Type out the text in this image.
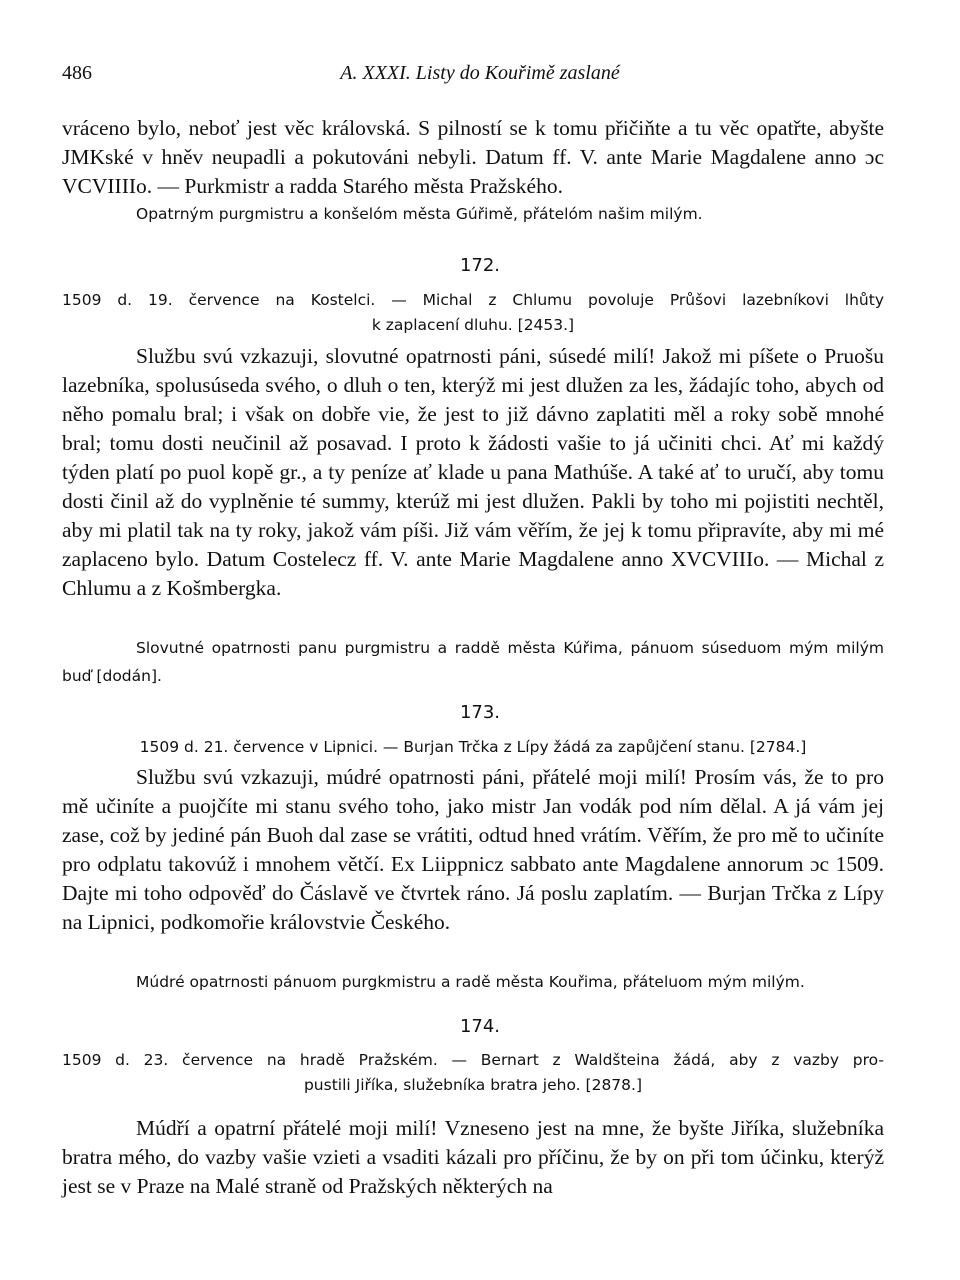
486	A. XXXI. Listy do Kouřimě zaslané
vráceno bylo, neboť jest věc královská. S pilností se k tomu přičiňte a tu věc opatřte, abyšte JMKské v hněv neupadli a pokutováni nebyli. Datum ff. V. ante Marie Magdalene anno ɔc VCVIIIIo. — Purkmistr a radda Starého města Pražského.
Opatrným purgmistru a konšelóm města Gúřimě, přátelóm našim milým.
172.
1509 d. 19. července na Kostelci. — Michal z Chlumu povoluje Průšovi lazebníkovi lhůty
k zaplacení dluhu. [2453.]
Službu svú vzkazuji, slovutné opatrnosti páni, súsedé milí! Jakož mi píšete o Pruošu lazebníka, spolusúseda svého, o dluh o ten, kterýž mi jest dlužen za les, žádajíc toho, abych od něho pomalu bral; i však on dobře vie, že jest to již dávno zaplatiti měl a roky sobě mnohé bral; tomu dosti neučinil až posavad. I proto k žádosti vašie to já učiniti chci. Ať mi každý týden platí po puol kopě gr., a ty peníze ať klade u pana Mathúše. A také ať to uručí, aby tomu dosti činil až do vyplněnie té summy, kterúž mi jest dlužen. Pakli by toho mi pojistiti nechtěl, aby mi platil tak na ty roky, jakož vám píši. Již vám věřím, že jej k tomu připravíte, aby mi mé zaplaceno bylo. Datum Costelecz ff. V. ante Marie Magdalene anno XVCVIIIo. — Michal z Chlumu a z Košmbergka.
Slovutné opatrnosti panu purgmistru a raddě města Kúřima, pánuom súseduom mým milým buď [dodán].
173.
1509 d. 21. července v Lipnici. — Burjan Trčka z Lípy žádá za zapůjčení stanu. [2784.]
Službu svú vzkazuji, múdré opatrnosti páni, přátelé moji milí! Prosím vás, že to pro mě učiníte a puojčíte mi stanu svého toho, jako mistr Jan vodák pod ním dělal. A já vám jej zase, což by jediné pán Buoh dal zase se vrátiti, odtud hned vrátím. Věřím, že pro mě to učiníte pro odplatu takovúž i mnohem větčí. Ex Liippnicz sabbato ante Magdalene annorum ɔc 1509. Dajte mi toho odpověď do Čáslavě ve čtvrtek ráno. Já poslu zaplatím. — Burjan Trčka z Lípy na Lipnici, podkomořie královstvie Českého.
Múdré opatrnosti pánuom purgkmistru a radě města Kouřima, přáteluom mým milým.
174.
1509 d. 23. července na hradě Pražském. — Bernart z Waldšteina žádá, aby z vazby pro-
pustili Jiříka, služebníka bratra jeho. [2878.]
Múdří a opatrní přátelé moji milí! Vzneseno jest na mne, že byšte Jiříka, služebníka bratra mého, do vazby vašie vzieti a vsaditi kázali pro příčinu, že by on při tom účinku, kterýž jest se v Praze na Malé straně od Pražských některých na
